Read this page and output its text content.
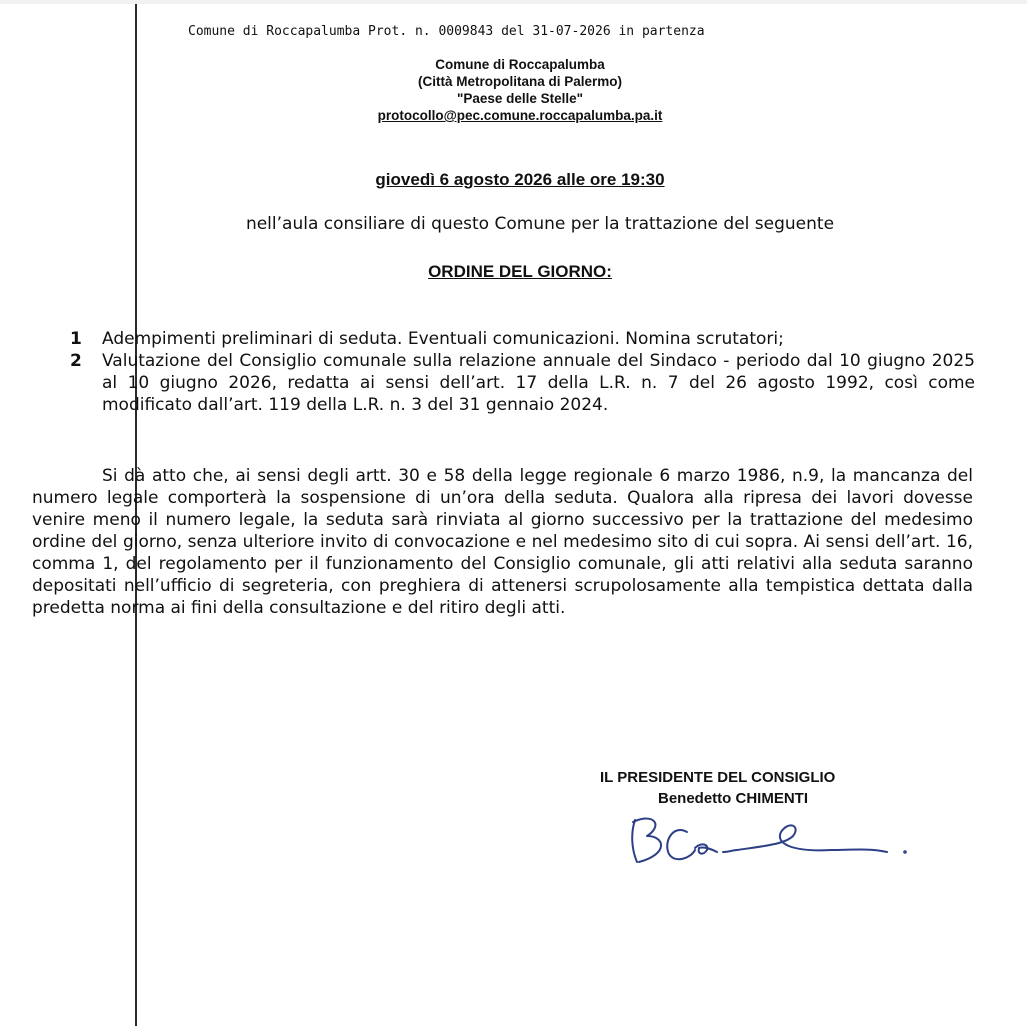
Comune di Roccapalumba Prot. n. 0009843 del 31-07-2026 in partenza
Comune di Roccapalumba
(Città Metropolitana di Palermo)
"Paese delle Stelle"
protocollo@pec.comune.roccapalumba.pa.it
giovedì 6 agosto 2026 alle ore 19:30
nell’aula consiliare di questo Comune per la trattazione del seguente
ORDINE DEL GIORNO:
1	Adempimenti preliminari di seduta. Eventuali comunicazioni. Nomina scrutatori;
2	Valutazione del Consiglio comunale sulla relazione annuale del Sindaco - periodo dal 10 giugno 2025 al 10 giugno 2026, redatta ai sensi dell’art. 17 della L.R. n. 7 del 26 agosto 1992, così come modificato dall’art. 119 della L.R. n. 3 del 31 gennaio 2024.

Si dà atto che, ai sensi degli artt. 30 e 58 della legge regionale 6 marzo 1986, n.9, la mancanza del numero legale comporterà la sospensione di un’ora della seduta. Qualora alla ripresa dei lavori dovesse venire meno il numero legale, la seduta sarà rinviata al giorno successivo per la trattazione del medesimo ordine del giorno, senza ulteriore invito di convocazione e nel medesimo sito di cui sopra. Ai sensi dell’art. 16, comma 1, del regolamento per il funzionamento del Consiglio comunale, gli atti relativi alla seduta saranno depositati nell’ufficio di segreteria, con preghiera di attenersi scrupolosamente alla tempistica dettata dalla predetta norma ai fini della consultazione e del ritiro degli atti.

IL PRESIDENTE DEL CONSIGLIO
Benedetto CHIMENTI
